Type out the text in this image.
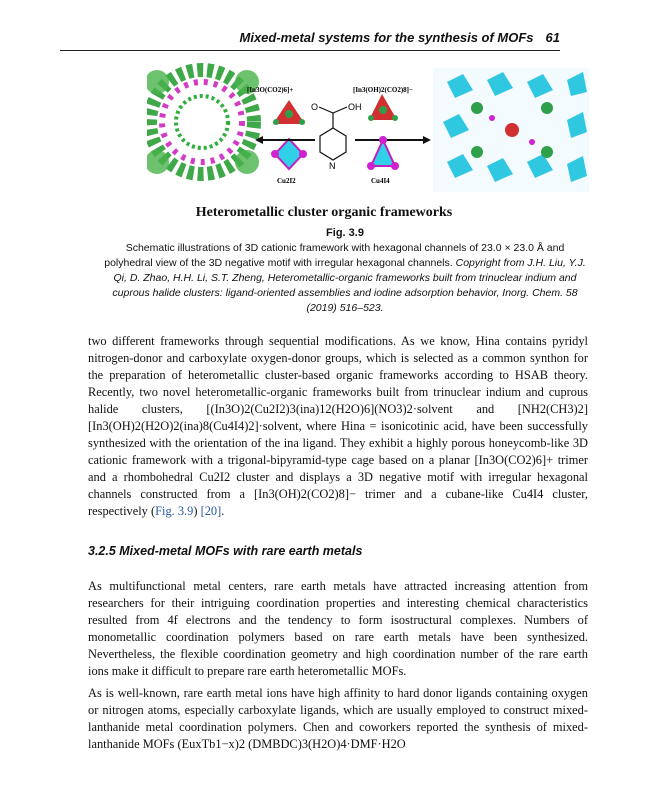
Mixed-metal systems for the synthesis of MOFs 61
[In3O(CO2)6]+
Cu2I2
O	OH
N
[In3(OH)2(CO2)8]−
Cu4I4
Heterometallic cluster organic frameworks
Fig. 3.9
Schematic illustrations of 3D cationic framework with hexagonal channels of 23.0 × 23.0 Å and polyhedral view of the 3D negative motif with irregular hexagonal channels. Copyright from J.H. Liu, Y.J. Qi, D. Zhao, H.H. Li, S.T. Zheng, Heterometallic-organic frameworks built from trinuclear indium and cuprous halide clusters: ligand-oriented assemblies and iodine adsorption behavior, Inorg. Chem. 58 (2019) 516–523.

two different frameworks through sequential modifications. As we know, Hina contains pyridyl nitrogen-donor and carboxylate oxygen-donor groups, which is selected as a common synthon for the preparation of heterometallic cluster-based organic frameworks according to HSAB theory. Recently, two novel heterometallic-organic frameworks built from trinuclear indium and cuprous halide clusters, [(In3O)2(Cu2I2)3(ina)12(H2O)6](NO3)2·solvent and [NH2(CH3)2][In3(OH)2(H2O)2(ina)8(Cu4I4)2]·solvent, where Hina = isonicotinic acid, have been successfully synthesized with the orientation of the ina ligand. They exhibit a highly porous honeycomb-like 3D cationic framework with a trigonal-bipyramid-type cage based on a planar [In3O(CO2)6]+ trimer and a rhombohedral Cu2I2 cluster and displays a 3D negative motif with irregular hexagonal channels constructed from a [In3(OH)2(CO2)8]− trimer and a cubane-like Cu4I4 cluster, respectively (Fig. 3.9) [20].

3.2.5 Mixed-metal MOFs with rare earth metals

As multifunctional metal centers, rare earth metals have attracted increasing attention from researchers for their intriguing coordination properties and interesting chemical characteristics resulted from 4f electrons and the tendency to form isostructural complexes. Numbers of monometallic coordination polymers based on rare earth metals have been synthesized. Nevertheless, the flexible coordination geometry and high coordination number of the rare earth ions make it difficult to prepare rare earth heterometallic MOFs.

As is well-known, rare earth metal ions have high affinity to hard donor ligands containing oxygen or nitrogen atoms, especially carboxylate ligands, which are usually employed to construct mixed-lanthanide metal coordination polymers. Chen and coworkers reported the synthesis of mixed-lanthanide MOFs (EuxTb1−x)2 (DMBDC)3(H2O)4·DMF·H2O
